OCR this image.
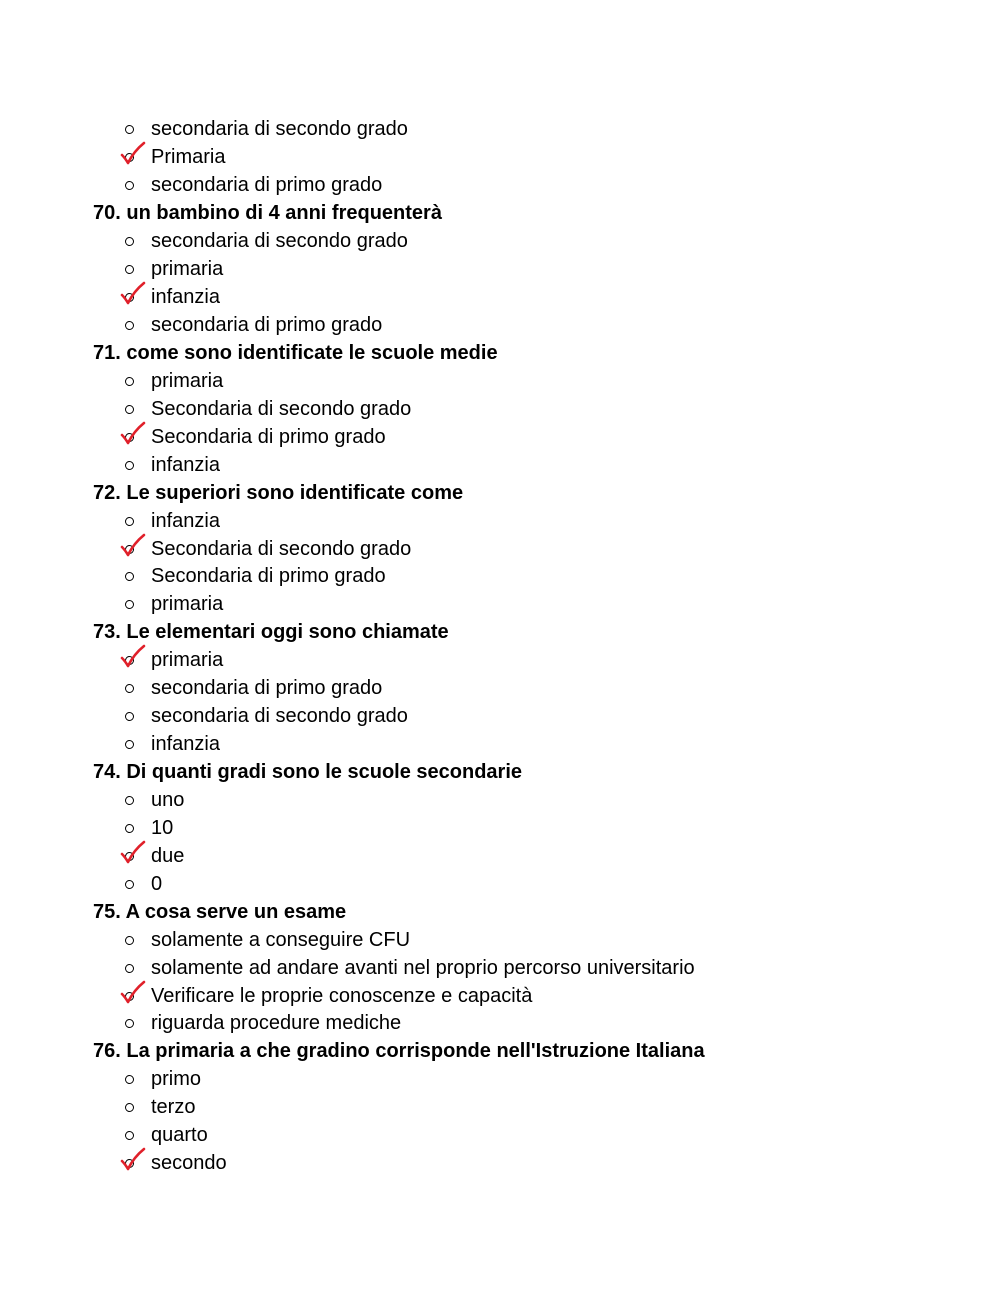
secondaria di secondo grado
Primaria
secondaria di primo grado
70. un bambino di 4 anni frequenterà
secondaria di secondo grado
primaria
infanzia
secondaria di primo grado
71. come sono identificate le scuole medie
primaria
Secondaria di secondo grado
Secondaria di primo grado
infanzia
72. Le superiori sono identificate come
infanzia
Secondaria di secondo grado
Secondaria di primo grado
primaria
73. Le elementari oggi sono chiamate
primaria
secondaria di primo grado
secondaria di secondo grado
infanzia
74. Di quanti gradi sono le scuole secondarie
uno
10
due
0
75. A cosa serve un esame
solamente a conseguire CFU
solamente ad andare avanti nel proprio percorso universitario
Verificare le proprie conoscenze e capacità
riguarda procedure mediche
76. La primaria a che gradino corrisponde nell'Istruzione Italiana
primo
terzo
quarto
secondo
